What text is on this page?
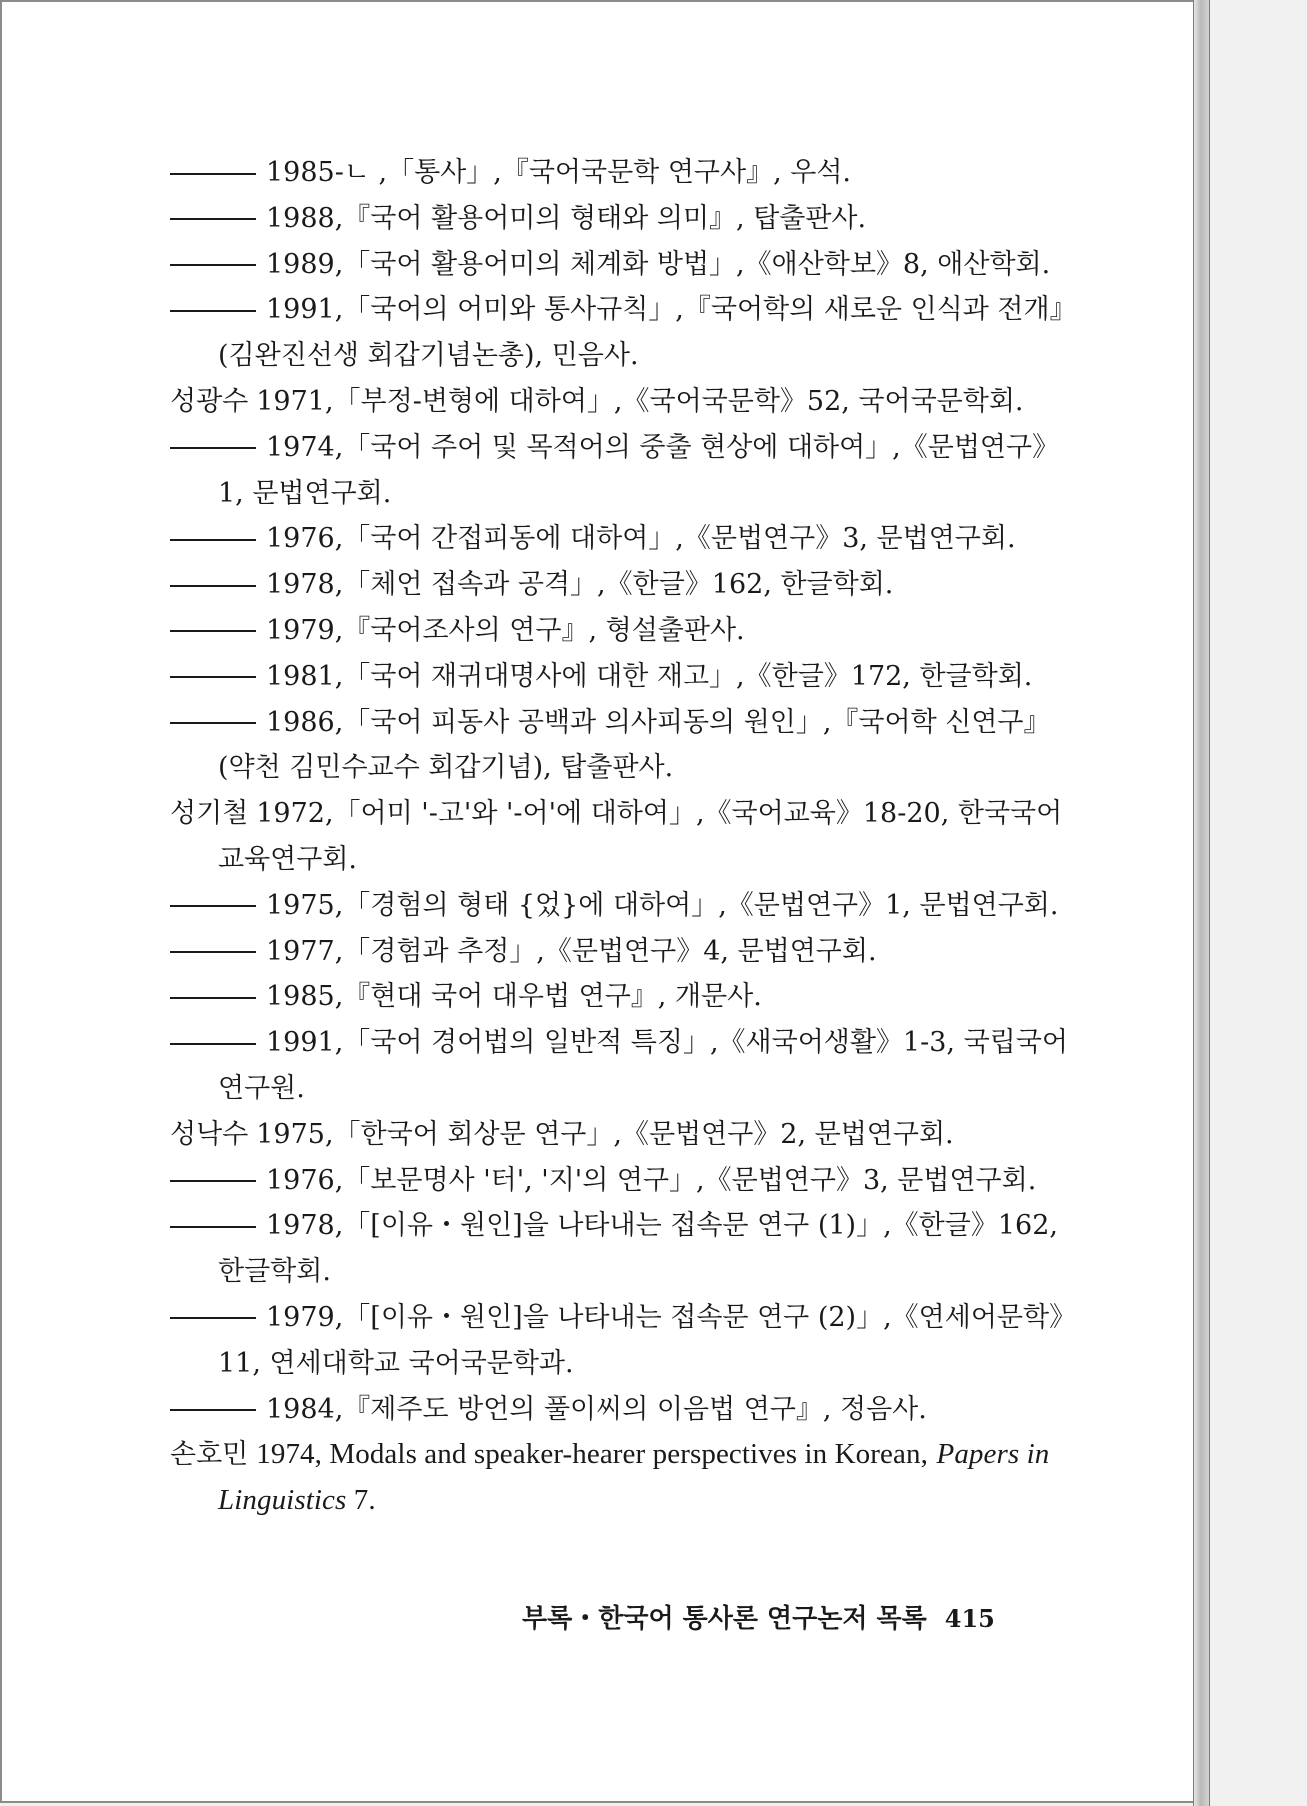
1985-ㄴ ,「통사」,『국어국문학 연구사』, 우석.
1988,『국어 활용어미의 형태와 의미』, 탑출판사.
1989,「국어 활용어미의 체계화 방법」,《애산학보》8, 애산학회.
1991,「국어의 어미와 통사규칙」,『국어학의 새로운 인식과 전개』(김완진선생 회갑기념논총), 민음사.
성광수 1971,「부정-변형에 대하여」,《국어국문학》52, 국어국문학회.
1974,「국어 주어 및 목적어의 중출 현상에 대하여」,《문법연구》1, 문법연구회.
1976,「국어 간접피동에 대하여」,《문법연구》3, 문법연구회.
1978,「체언 접속과 공격」,《한글》162, 한글학회.
1979,『국어조사의 연구』, 형설출판사.
1981,「국어 재귀대명사에 대한 재고」,《한글》172, 한글학회.
1986,「국어 피동사 공백과 의사피동의 원인」,『국어학 신연구』(약천 김민수교수 회갑기념), 탑출판사.
성기철 1972,「어미 '-고'와 '-어'에 대하여」,《국어교육》18-20, 한국국어교육연구회.
1975,「경험의 형태 {었}에 대하여」,《문법연구》1, 문법연구회.
1977,「경험과 추정」,《문법연구》4, 문법연구회.
1985,『현대 국어 대우법 연구』, 개문사.
1991,「국어 경어법의 일반적 특징」,《새국어생활》1-3, 국립국어연구원.
성낙수 1975,「한국어 회상문 연구」,《문법연구》2, 문법연구회.
1976,「보문명사 '터', '지'의 연구」,《문법연구》3, 문법연구회.
1978,「[이유・원인]을 나타내는 접속문 연구 (1)」,《한글》162, 한글학회.
1979,「[이유・원인]을 나타내는 접속문 연구 (2)」,《연세어문학》11, 연세대학교 국어국문학과.
1984,『제주도 방언의 풀이씨의 이음법 연구』, 정음사.
손호민 1974, Modals and speaker-hearer perspectives in Korean, Papers in Linguistics 7.
부록・한국어 통사론 연구논저 목록 415
